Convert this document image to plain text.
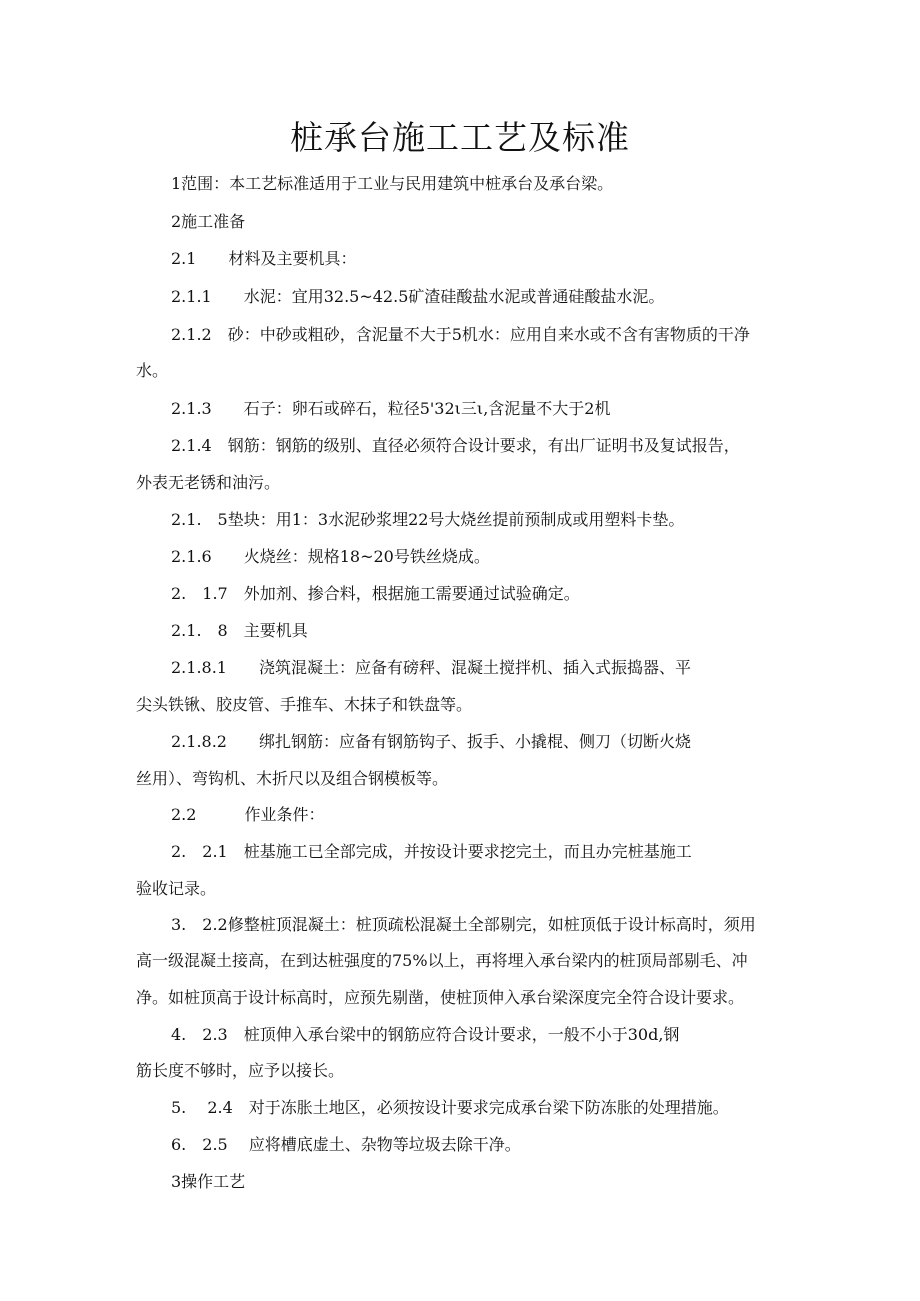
桩承台施工工艺及标准
1范围：本工艺标准适用于工业与民用建筑中桩承台及承台梁。
2施工准备
2.1　　材料及主要机具：
2.1.1　　水泥：宜用32.5~42.5矿渣硅酸盐水泥或普通硅酸盐水泥。
2.1.2　砂：中砂或粗砂，含泥量不大于5机水：应用自来水或不含有害物质的干净
水。
2.1.3　　石子：卵石或碎石，粒径5'32ι三ι,含泥量不大于2机
2.1.4　钢筋：钢筋的级别、直径必须符合设计要求，有出厂证明书及复试报告，
外表无老锈和油污。
2.1.　5垫块：用1：3水泥砂浆埋22号大烧丝提前预制成或用塑料卡垫。
2.1.6　　火烧丝：规格18~20号铁丝烧成。
2.　1.7　外加剂、掺合料，根据施工需要通过试验确定。
2.1.　8　主要机具
2.1.8.1　　浇筑混凝土：应备有磅秤、混凝土搅拌机、插入式振捣器、平
尖头铁锹、胶皮管、手推车、木抹子和铁盘等。
2.1.8.2　　绑扎钢筋：应备有钢筋钩子、扳手、小撬棍、侧刀（切断火烧
丝用）、弯钩机、木折尺以及组合钢模板等。
2.2　　　作业条件：
2.　2.1　桩基施工已全部完成，并按设计要求挖完土，而且办完桩基施工
验收记录。
3.　2.2修整桩顶混凝土：桩顶疏松混凝土全部剔完，如桩顶低于设计标高时，须用
高一级混凝土接高，在到达桩强度的75%以上，再将埋入承台梁内的桩顶局部剔毛、冲
净。如桩顶高于设计标高时，应预先剔凿，使桩顶伸入承台梁深度完全符合设计要求。
4.　2.3　桩顶伸入承台梁中的钢筋应符合设计要求，一般不小于30d,钢
筋长度不够时，应予以接长。
5.　 2.4　对于冻胀土地区，必须按设计要求完成承台梁下防冻胀的处理措施。
6.　2.5　 应将槽底虚土、杂物等垃圾去除干净。
3操作工艺
